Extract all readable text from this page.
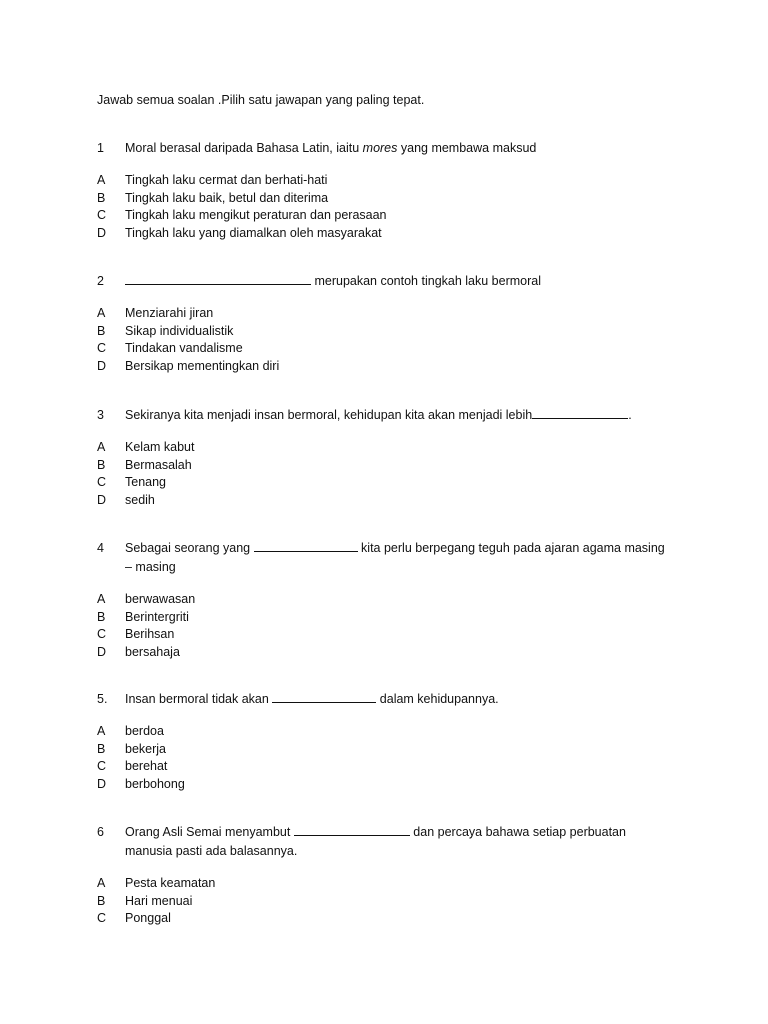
Jawab semua soalan .Pilih satu jawapan yang paling tepat.
1	Moral berasal daripada Bahasa Latin, iaitu mores yang membawa maksud
A Tingkah laku cermat dan berhati-hati
B Tingkah laku baik, betul dan diterima
C Tingkah laku mengikut peraturan dan perasaan
D Tingkah laku yang diamalkan oleh masyarakat
2	merupakan contoh tingkah laku bermoral
A Menziarahi jiran
B Sikap individualistik
C Tindakan vandalisme
D Bersikap mementingkan diri
3	Sekiranya kita menjadi insan bermoral, kehidupan kita akan menjadi lebih	.
A Kelam kabut
B Bermasalah
C Tenang
D sedih
4	Sebagai seorang yang	kita perlu berpegang teguh pada ajaran agama masing – masing
A berwawasan
B Berintergriti
C Berihsan
D bersahaja
5.	Insan bermoral tidak akan	dalam kehidupannya.
A berdoa
B bekerja
C berehat
D berbohong
6	Orang Asli Semai menyambut	dan percaya bahawa setiap perbuatan manusia pasti ada balasannya.
A Pesta keamatan
B Hari menuai
C Ponggal
